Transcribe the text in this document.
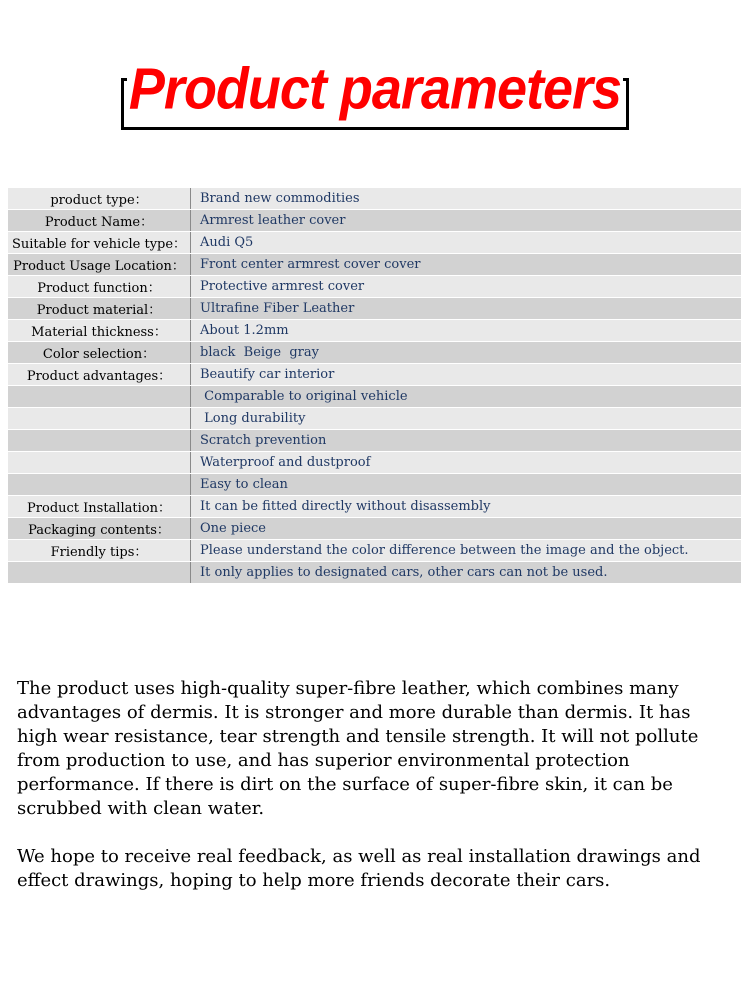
Product parameters
product type：	Brand new commodities
Product Name：	Armrest leather cover
Suitable for vehicle type：	Audi Q5
Product Usage Location：	Front center armrest cover cover
Product function：	Protective armrest cover
Product material：	Ultrafine Fiber Leather
Material thickness：	About 1.2mm
Color selection：	black  Beige  gray
Product advantages：	Beautify car interior
	Comparable to original vehicle
	Long durability
	Scratch prevention
	Waterproof and dustproof
	Easy to clean
Product Installation：	It can be fitted directly without disassembly
Packaging contents：	One piece
Friendly tips：	Please understand the color difference between the image and the object.
	It only applies to designated cars, other cars can not be used.

The product uses high-quality super-fibre leather, which combines many advantages of dermis. It is stronger and more durable than dermis. It has high wear resistance, tear strength and tensile strength. It will not pollute from production to use, and has superior environmental protection performance. If there is dirt on the surface of super-fibre skin, it can be scrubbed with clean water.

We hope to receive real feedback, as well as real installation drawings and effect drawings, hoping to help more friends decorate their cars.
